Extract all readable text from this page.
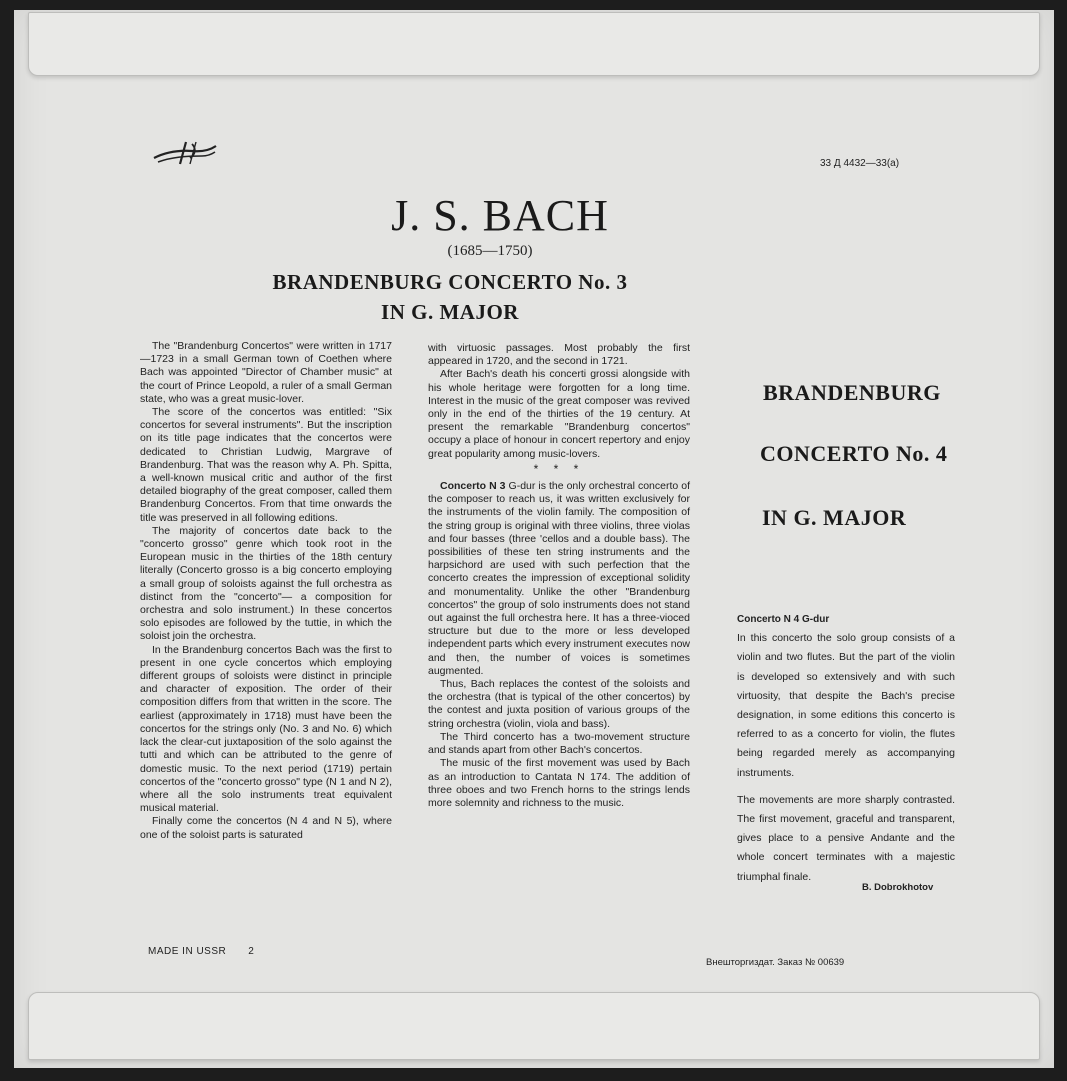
33 Д 4432—33(а)
J. S. BACH
(1685—1750)
BRANDENBURG CONCERTO No. 3
IN G. MAJOR

The "Brandenburg Concertos" were written in 1717—1723 in a small German town of Coethen where Bach was appointed "Director of Chamber music" at the court of Prince Leopold, a ruler of a small German state, who was a great music-lover.

The score of the concertos was entitled: "Six concertos for several instruments". But the inscription on its title page indicates that the concertos were dedicated to Christian Ludwig, Margrave of Brandenburg. That was the reason why A. Ph. Spitta, a well-known musical critic and author of the first detailed biography of the great composer, called them Brandenburg Concertos. From that time onwards the title was preserved in all following editions.

The majority of concertos date back to the "concerto grosso" genre which took root in the European music in the thirties of the 18th century literally (Concerto grosso is a big concerto employing a small group of soloists against the full orchestra as distinct from the "concerto"— a composition for orchestra and solo instrument.) In these concertos solo episodes are followed by the tuttie, in which the soloist join the orchestra.

In the Brandenburg concertos Bach was the first to present in one cycle concertos which employing different groups of soloists were distinct in principle and character of exposition. The order of their composition differs from that written in the score. The earliest (approximately in 1718) must have been the concertos for the strings only (No. 3 and No. 6) which lack the clear-cut juxtaposition of the solo against the tutti and which can be attributed to the genre of domestic music. To the next period (1719) pertain concertos of the "concerto grosso" type (N 1 and N 2), where all the solo instruments treat equivalent musical material.

Finally come the concertos (N 4 and N 5), where one of the soloist parts is saturated

with virtuosic passages. Most probably the first appeared in 1720, and the second in 1721.

After Bach's death his concerti grossi alongside with his whole heritage were forgotten for a long time. Interest in the music of the great composer was revived only in the end of the thirties of the 19 century. At present the remarkable "Brandenburg concertos" occupy a place of honour in concert repertory and enjoy great popularity among music-lovers.

* * *

Concerto N 3 G-dur is the only orchestral concerto of the composer to reach us, it was written exclusively for the instruments of the violin family. The composition of the string group is original with three violins, three violas and four basses (three 'cellos and a double bass). The possibilities of these ten string instruments and the harpsichord are used with such perfection that the concerto creates the impression of exceptional solidity and monumentality. Unlike the other "Brandenburg concertos" the group of solo instruments does not stand out against the full orchestra here. It has a three-vioced structure but due to the more or less developed independent parts which every instrument executes now and then, the number of voices is sometimes augmented.

Thus, Bach replaces the contest of the soloists and the orchestra (that is typical of the other concertos) by the contest and juxta position of various groups of the string orchestra (violin, viola and bass).

The Third concerto has a two-movement structure and stands apart from other Bach's concertos.

The music of the first movement was used by Bach as an introduction to Cantata N 174. The addition of three oboes and two French horns to the strings lends more solemnity and richness to the music.

BRANDENBURG
CONCERTO No. 4
IN G. MAJOR

Concerto N 4 G-dur

In this concerto the solo group consists of a violin and two flutes. But the part of the violin is developed so extensively and with such virtuosity, that despite the Bach's precise designation, in some editions this concerto is referred to as a concerto for violin, the flutes being regarded merely as accompanying instruments.

The movements are more sharply contrasted. The first movement, graceful and transparent, gives place to a pensive Andante and the whole concert terminates with a majestic triumphal finale.

B. Dobrokhotov
MADE IN USSR 2
Внешторгиздат. Заказ № 00639
